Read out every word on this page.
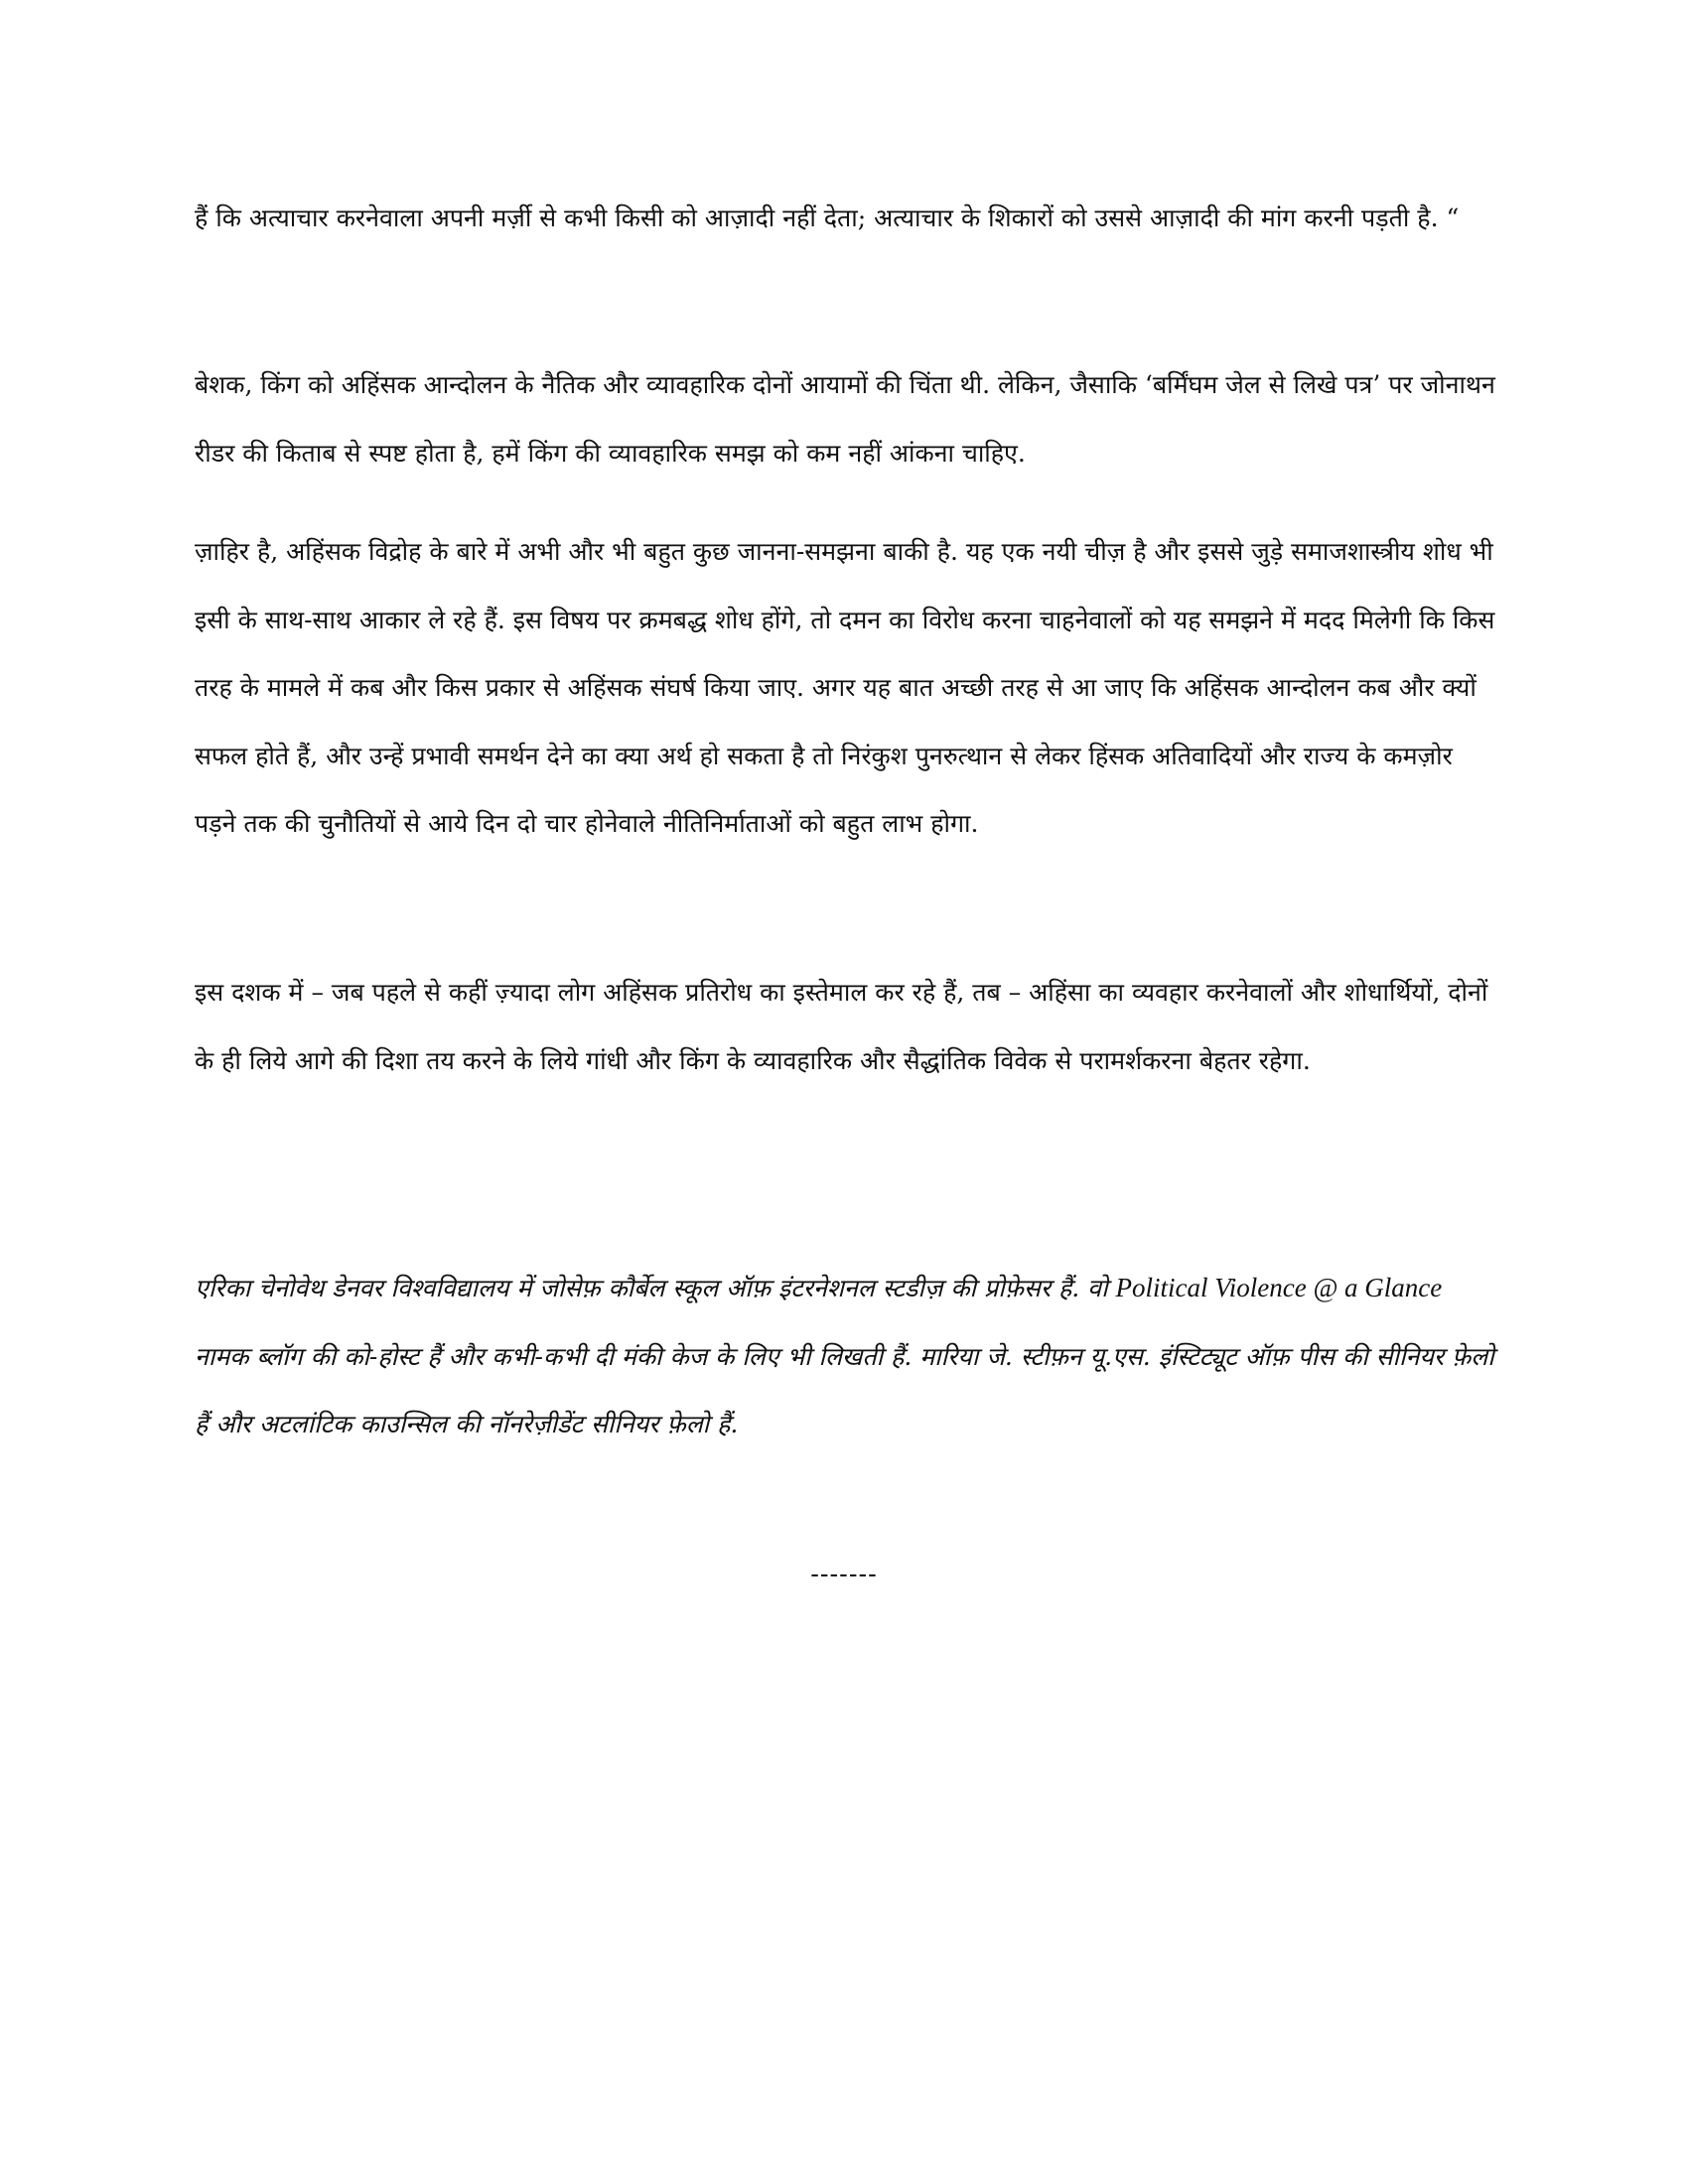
हैं कि अत्याचार करनेवाला अपनी मर्ज़ी से कभी किसी को आज़ादी नहीं देता; अत्याचार के शिकारों को उससे आज़ादी की मांग करनी पड़ती है. “

बेशक, किंग को अहिंसक आन्दोलन के नैतिक और व्यावहारिक दोनों आयामों की चिंता थी. लेकिन, जैसाकि ‘बर्मिंघम जेल से लिखे पत्र’ पर जोनाथन रीडर की किताब से स्पष्ट होता है, हमें किंग की व्यावहारिक समझ को कम नहीं आंकना चाहिए.

ज़ाहिर है, अहिंसक विद्रोह के बारे में अभी और भी बहुत कुछ जानना-समझना बाकी है. यह एक नयी चीज़ है और इससे जुड़े समाजशास्त्रीय शोध भी इसी के साथ-साथ आकार ले रहे हैं. इस विषय पर क्रमबद्ध शोध होंगे, तो दमन का विरोध करना चाहनेवालों को यह समझने में मदद मिलेगी कि किस तरह के मामले में कब और किस प्रकार से अहिंसक संघर्ष किया जाए. अगर यह बात अच्छी तरह से आ जाए कि अहिंसक आन्दोलन कब और क्यों सफल होते हैं, और उन्हें प्रभावी समर्थन देने का क्या अर्थ हो सकता है तो निरंकुश पुनरुत्थान से लेकर हिंसक अतिवादियों और राज्य के कमज़ोर पड़ने तक की चुनौतियों से आये दिन दो चार होनेवाले नीतिनिर्माताओं को बहुत लाभ होगा.

इस दशक में – जब पहले से कहीं ज़्यादा लोग अहिंसक प्रतिरोध का इस्तेमाल कर रहे हैं, तब – अहिंसा का व्यवहार करनेवालों और शोधार्थियों, दोनों के ही लिये आगे की दिशा तय करने के लिये गांधी और किंग के व्यावहारिक और सैद्धांतिक विवेक से परामर्शकरना बेहतर रहेगा.

एरिका चेनोवेथ डेनवर विश्वविद्यालय में जोसेफ़ कौर्बेल स्कूल ऑफ़ इंटरनेशनल स्टडीज़ की प्रोफ़ेसर हैं. वो Political Violence @ a Glance नामक ब्लॉग की को-होस्ट हैं और कभी-कभी दी मंकी केज के लिए भी लिखती हैं. मारिया जे. स्टीफ़न यू.एस. इंस्टिट्यूट ऑफ़ पीस की सीनियर फ़ेलो हैं और अटलांटिक काउन्सिल की नॉनरेज़ीडेंट सीनियर फ़ेलो हैं.

-------
